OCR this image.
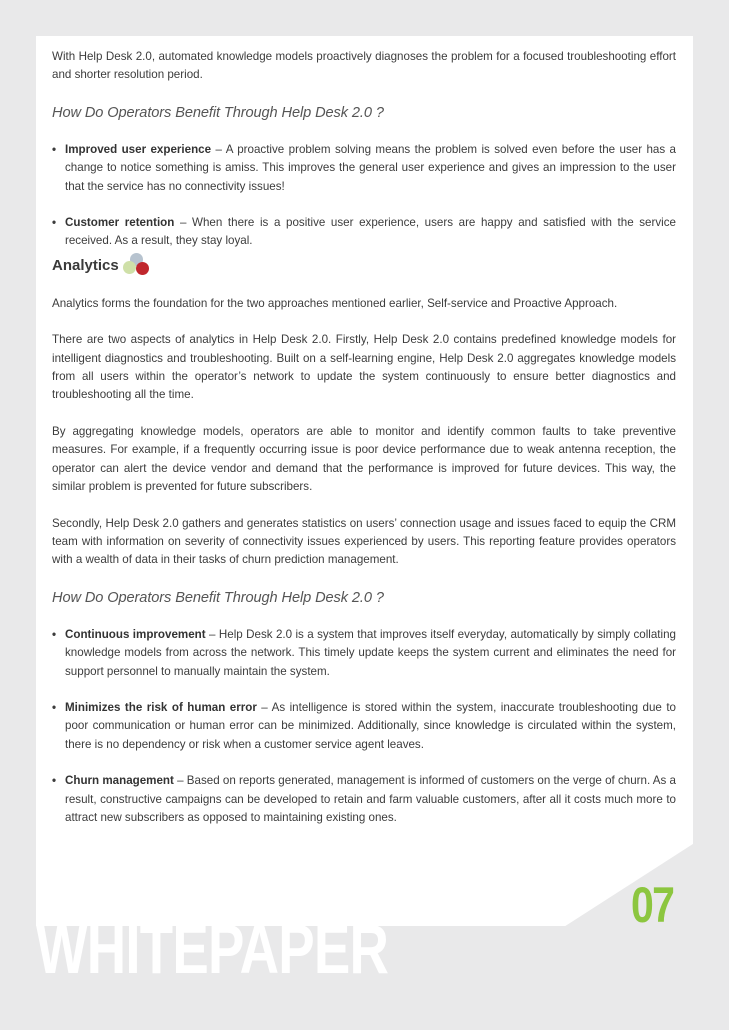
With Help Desk 2.0, automated knowledge models proactively diagnoses the problem for a focused troubleshooting effort and shorter resolution period.

How Do Operators Benefit Through Help Desk 2.0 ?
• Improved user experience – A proactive problem solving means the problem is solved even before the user has a change to notice something is amiss. This improves the general user experience and gives an impression to the user that the service has no connectivity issues!
• Customer retention – When there is a positive user experience, users are happy and satisfied with the service received. As a result, they stay loyal.
Analytics

Analytics forms the foundation for the two approaches mentioned earlier, Self-service and Proactive Approach.

There are two aspects of analytics in Help Desk 2.0. Firstly, Help Desk 2.0 contains predefined knowledge models for intelligent diagnostics and troubleshooting. Built on a self-learning engine, Help Desk 2.0 aggregates knowledge models from all users within the operator’s network to update the system continuously to ensure better diagnostics and troubleshooting all the time.

By aggregating knowledge models, operators are able to monitor and identify common faults to take preventive measures. For example, if a frequently occurring issue is poor device performance due to weak antenna reception, the operator can alert the device vendor and demand that the performance is improved for future devices. This way, the similar problem is prevented for future subscribers.

Secondly, Help Desk 2.0 gathers and generates statistics on users’ connection usage and issues faced to equip the CRM team with information on severity of connectivity issues experienced by users. This reporting feature provides operators with a wealth of data in their tasks of churn prediction management.

How Do Operators Benefit Through Help Desk 2.0 ?
• Continuous improvement – Help Desk 2.0 is a system that improves itself everyday, automatically by simply collating knowledge models from across the network. This timely update keeps the system current and eliminates the need for support personnel to manually maintain the system.
• Minimizes the risk of human error – As intelligence is stored within the system, inaccurate troubleshooting due to poor communication or human error can be minimized. Additionally, since knowledge is circulated within the system, there is no dependency or risk when a customer service agent leaves.
• Churn management – Based on reports generated, management is informed of customers on the verge of churn. As a result, constructive campaigns can be developed to retain and farm valuable customers, after all it costs much more to attract new subscribers as opposed to maintaining existing ones.
07
WHITEPAPER
